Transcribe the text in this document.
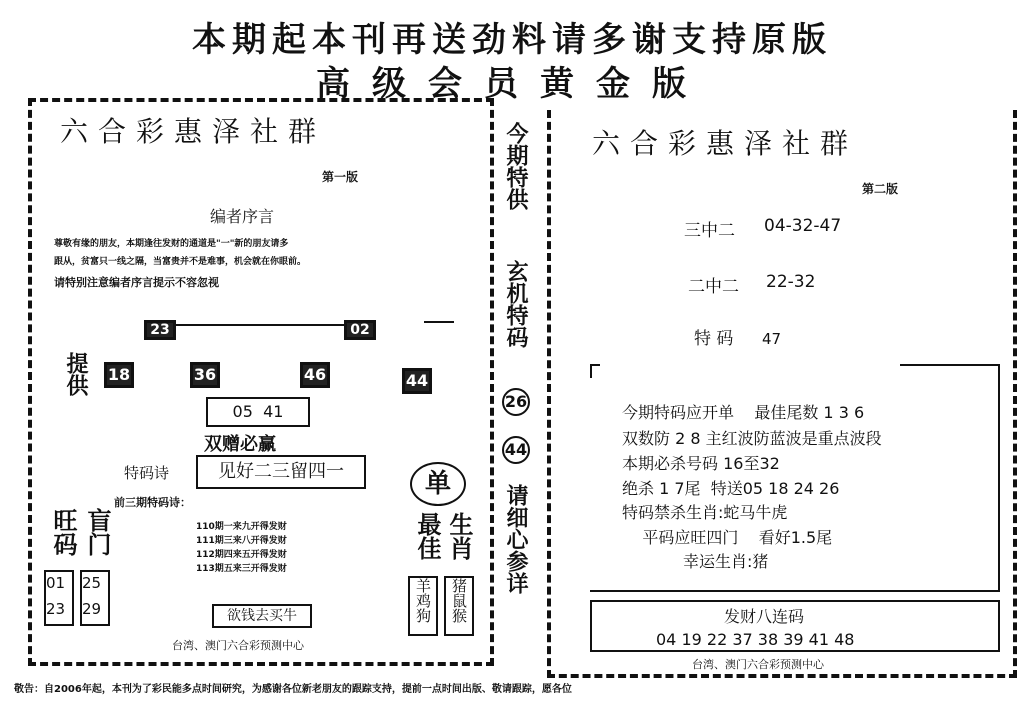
本期起本刊再送劲料请多谢支持原版
高级会员黄金版
六合彩惠泽社群
第一版
编者序言
尊敬有缘的朋友，本期逢往发财的通道是"一"新的朋友请多
跟从，贫富只一线之隔，当富贵并不是难事，机会就在你眼前。
请特别注意编者序言提示不容忽视
23	02
提供 18	36	46	44
05  41
双赠必赢
特码诗	见好二三留四一	单
前三期特码诗：
旺码 盲门	110期一来九开得发财
111期三来八开得发财
112期四来五开得发财
113期五来三开得发财
01
23
25
29
最佳 生肖
羊鸡狗	猪鼠猴
欲钱去买牛
台湾、澳门六合彩预测中心
今期特供
玄机特码
26
44
请细心参详
六合彩惠泽社群
第二版
三中二 04-32-47
二中二 22-32
特 码 47
今期特码应开单    最佳尾数 1 3 6
双数防 2 8 主红波防蓝波是重点波段
本期必杀号码 16至32
绝杀 1 7尾  特送05 18 24 26
特码禁杀生肖:蛇马牛虎
平码应旺四门    看好1.5尾
幸运生肖:猪
发财八连码
04 19 22 37 38 39 41 48
台湾、澳门六合彩预测中心
敬告：自2006年起，本刊为了彩民能多点时间研究，为感谢各位新老朋友的跟踪支持，提前一点时间出版、敬请跟踪，愿各位
